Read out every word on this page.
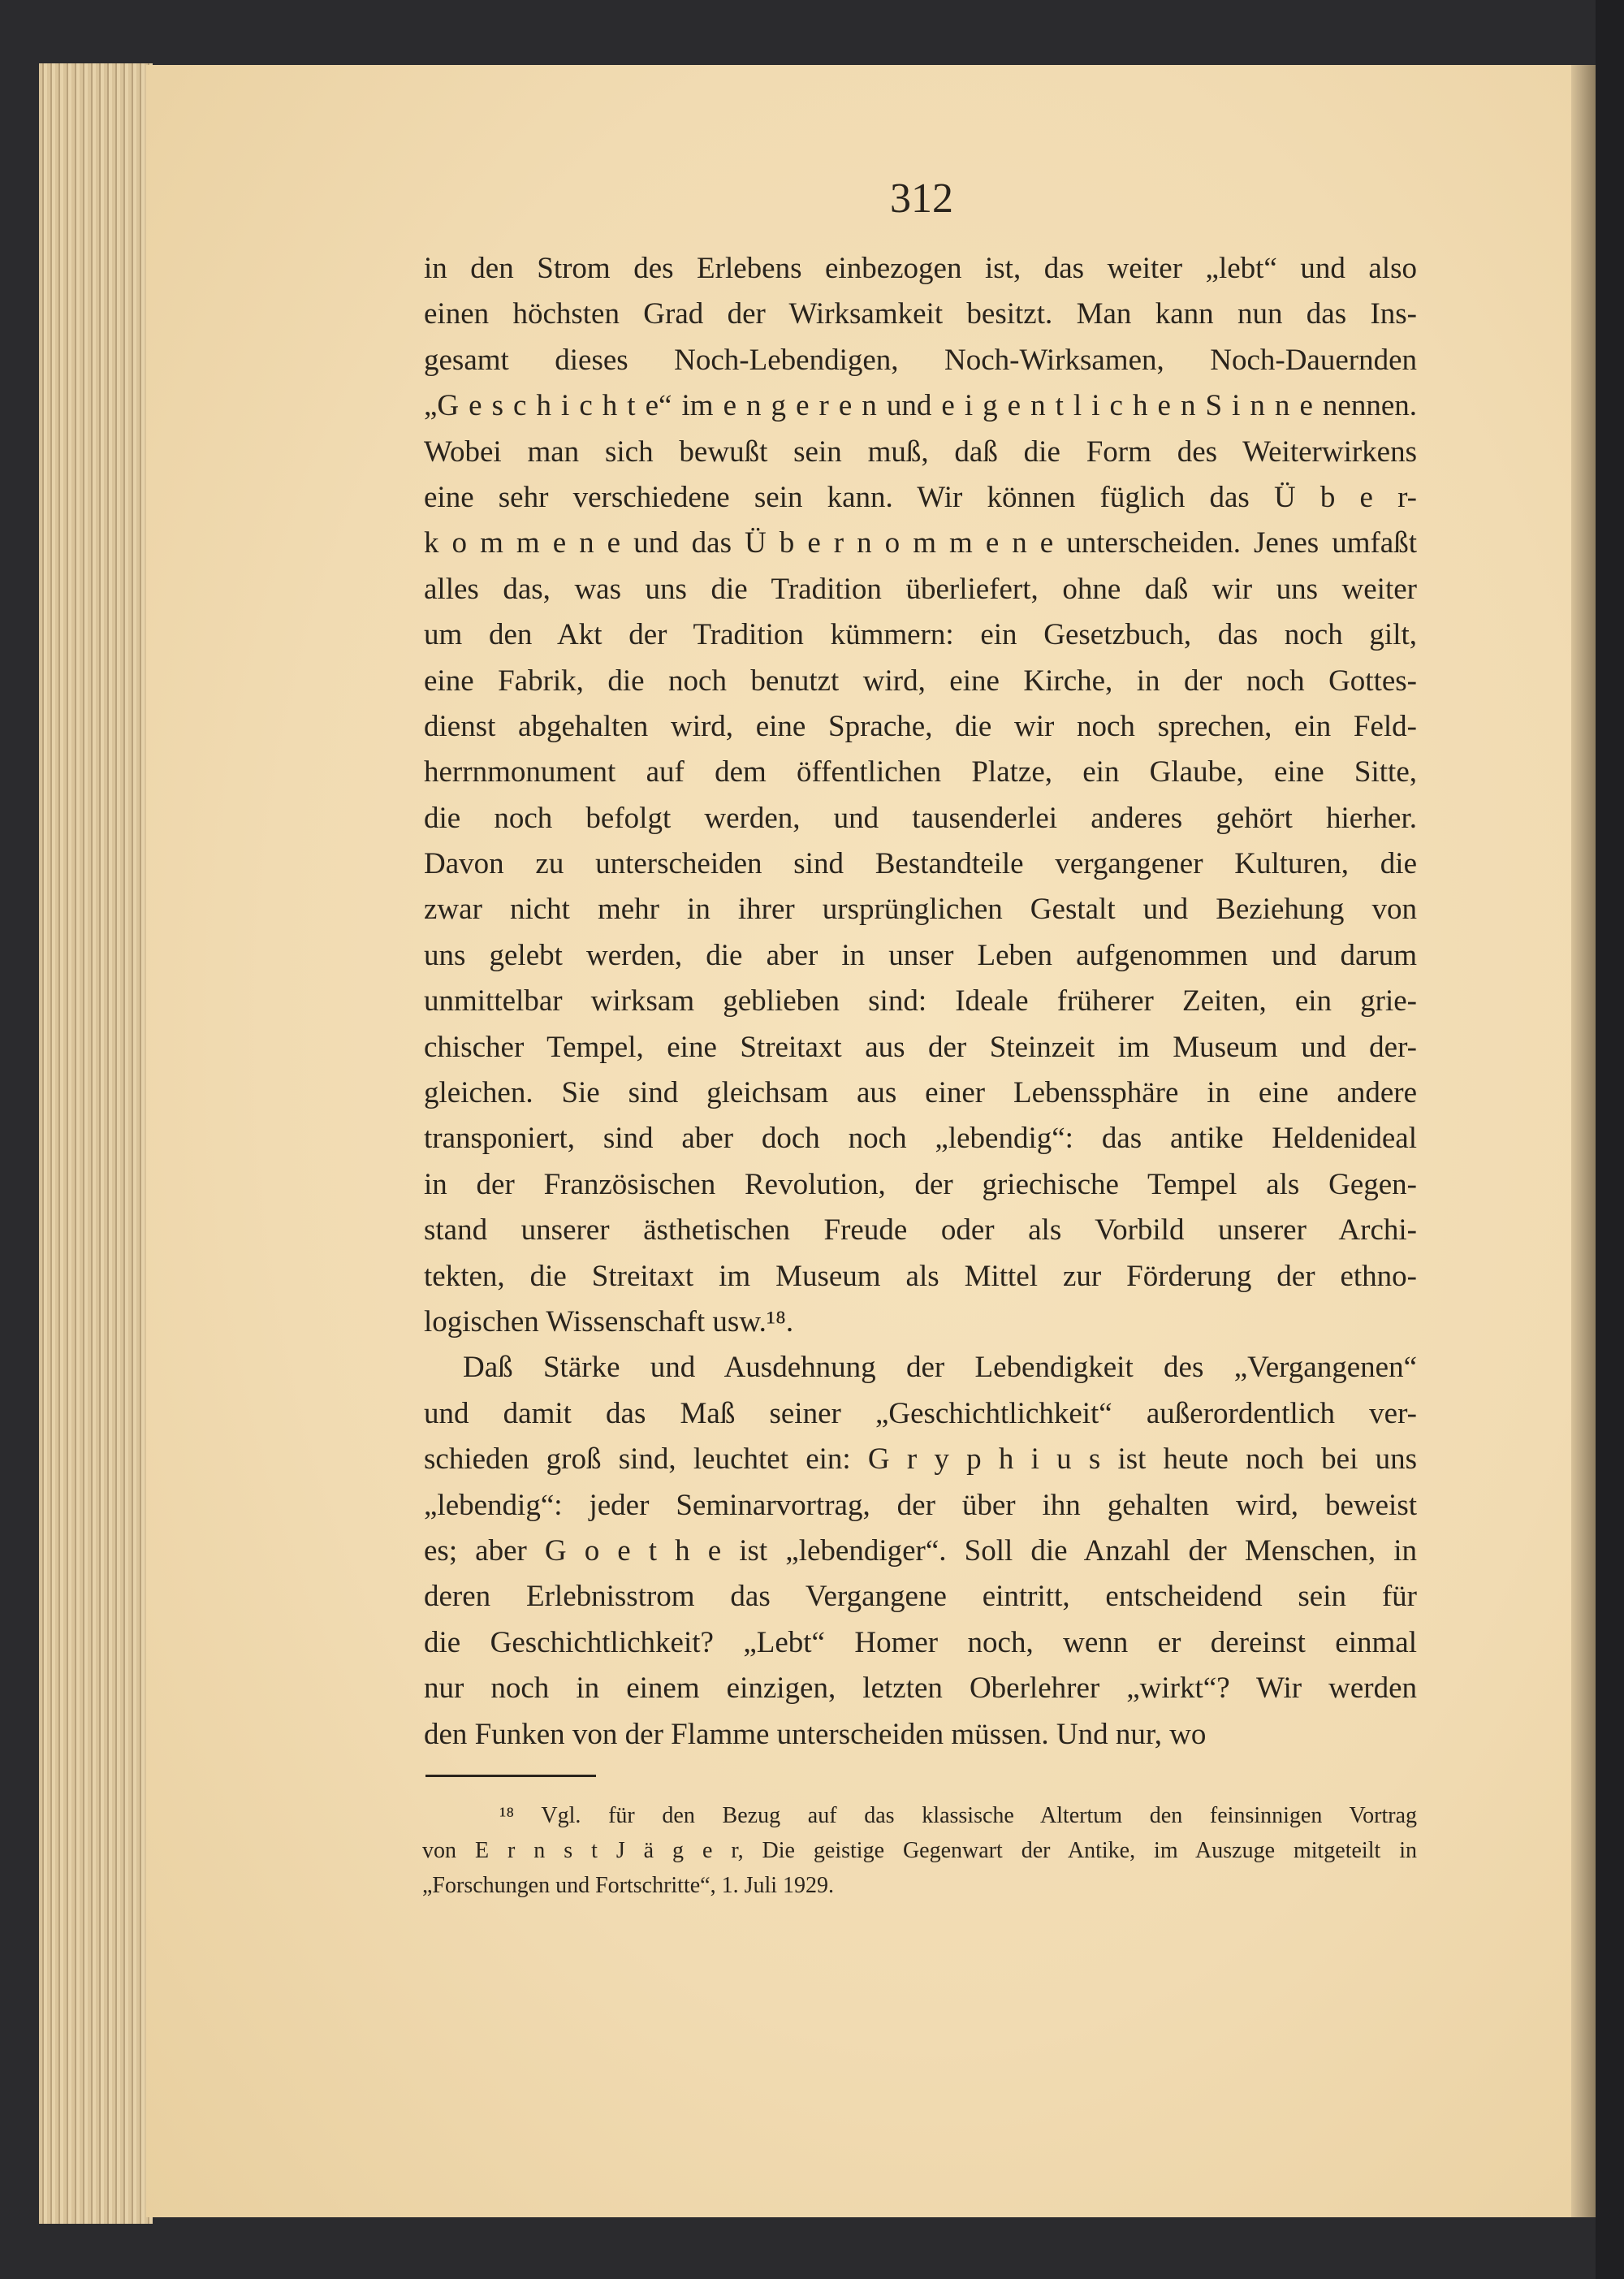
312
in den Strom des Erlebens einbezogen ist, das weiter „lebt“ und also
einen höchsten Grad der Wirksamkeit besitzt. Man kann nun das Ins-
gesamt dieses Noch-Lebendigen, Noch-Wirksamen, Noch-Dauernden
„G e s c h i c h t e“ im e n g e r e n und e i g e n t l i c h e n S i n n e nennen.
Wobei man sich bewußt sein muß, daß die Form des Weiterwirkens
eine sehr verschiedene sein kann. Wir können füglich das Ü b e r-
k o m m e n e und das Ü b e r n o m m e n e unterscheiden. Jenes umfaßt
alles das, was uns die Tradition überliefert, ohne daß wir uns weiter
um den Akt der Tradition kümmern: ein Gesetzbuch, das noch gilt,
eine Fabrik, die noch benutzt wird, eine Kirche, in der noch Gottes-
dienst abgehalten wird, eine Sprache, die wir noch sprechen, ein Feld-
herrnmonument auf dem öffentlichen Platze, ein Glaube, eine Sitte,
die noch befolgt werden, und tausenderlei anderes gehört hierher.
Davon zu unterscheiden sind Bestandteile vergangener Kulturen, die
zwar nicht mehr in ihrer ursprünglichen Gestalt und Beziehung von
uns gelebt werden, die aber in unser Leben aufgenommen und darum
unmittelbar wirksam geblieben sind: Ideale früherer Zeiten, ein grie-
chischer Tempel, eine Streitaxt aus der Steinzeit im Museum und der-
gleichen. Sie sind gleichsam aus einer Lebenssphäre in eine andere
transponiert, sind aber doch noch „lebendig“: das antike Heldenideal
in der Französischen Revolution, der griechische Tempel als Gegen-
stand unserer ästhetischen Freude oder als Vorbild unserer Archi-
tekten, die Streitaxt im Museum als Mittel zur Förderung der ethno-
logischen Wissenschaft usw.¹⁸.
Daß Stärke und Ausdehnung der Lebendigkeit des „Vergangenen“
und damit das Maß seiner „Geschichtlichkeit“ außerordentlich ver-
schieden groß sind, leuchtet ein: G r y p h i u s ist heute noch bei uns
„lebendig“: jeder Seminarvortrag, der über ihn gehalten wird, beweist
es; aber G o e t h e ist „lebendiger“. Soll die Anzahl der Menschen, in
deren Erlebnisstrom das Vergangene eintritt, entscheidend sein für
die Geschichtlichkeit? „Lebt“ Homer noch, wenn er dereinst einmal
nur noch in einem einzigen, letzten Oberlehrer „wirkt“? Wir werden
den Funken von der Flamme unterscheiden müssen. Und nur, wo
¹⁸ Vgl. für den Bezug auf das klassische Altertum den feinsinnigen Vortrag
von E r n s t J ä g e r, Die geistige Gegenwart der Antike, im Auszuge mitgeteilt in
„Forschungen und Fortschritte“, 1. Juli 1929.
